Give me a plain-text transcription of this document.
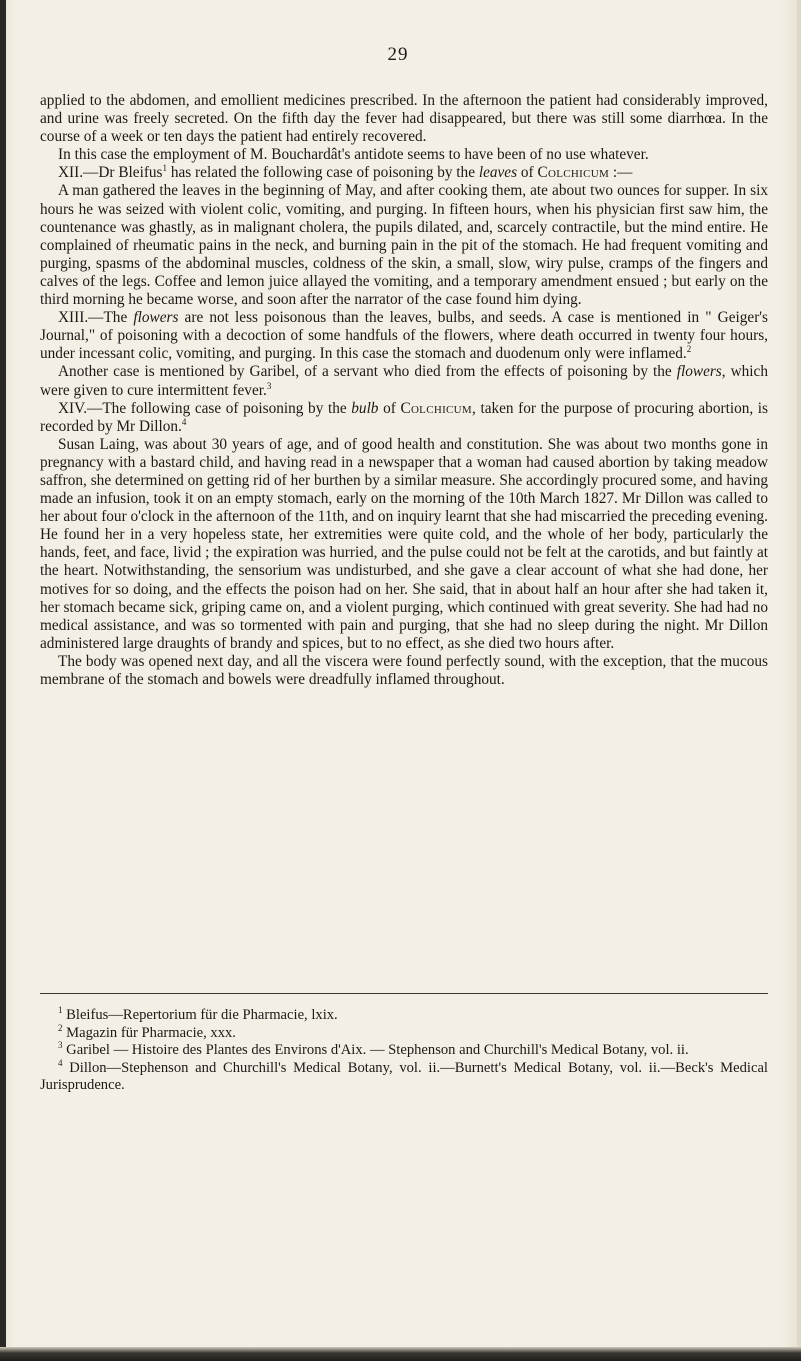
29

applied to the abdomen, and emollient medicines prescribed. In the afternoon the patient had considerably improved, and urine was freely secreted. On the fifth day the fever had disappeared, but there was still some diarrhœa. In the course of a week or ten days the patient had entirely recovered.

In this case the employment of M. Bouchardât's antidote seems to have been of no use whatever.

XII.—Dr Bleifus$^1$ has related the following case of poisoning by the leaves of Colchicum :—

A man gathered the leaves in the beginning of May, and after cooking them, ate about two ounces for supper. In six hours he was seized with violent colic, vomiting, and purging. In fifteen hours, when his physician first saw him, the countenance was ghastly, as in malignant cholera, the pupils dilated, and, scarcely contractile, but the mind entire. He complained of rheumatic pains in the neck, and burning pain in the pit of the stomach. He had frequent vomiting and purging, spasms of the abdominal muscles, coldness of the skin, a small, slow, wiry pulse, cramps of the fingers and calves of the legs. Coffee and lemon juice allayed the vomiting, and a temporary amendment ensued ; but early on the third morning he became worse, and soon after the narrator of the case found him dying.

XIII.—The flowers are not less poisonous than the leaves, bulbs, and seeds. A case is mentioned in " Geiger's Journal," of poisoning with a decoction of some handfuls of the flowers, where death occurred in twenty four hours, under incessant colic, vomiting, and purging. In this case the stomach and duodenum only were inflamed.$^2$

Another case is mentioned by Garibel, of a servant who died from the effects of poisoning by the flowers, which were given to cure intermittent fever.$^3$

XIV.—The following case of poisoning by the bulb of Colchicum, taken for the purpose of procuring abortion, is recorded by Mr Dillon.$^4$

Susan Laing, was about 30 years of age, and of good health and constitution. She was about two months gone in pregnancy with a bastard child, and having read in a newspaper that a woman had caused abortion by taking meadow saffron, she determined on getting rid of her burthen by a similar measure. She accordingly procured some, and having made an infusion, took it on an empty stomach, early on the morning of the 10th March 1827. Mr Dillon was called to her about four o'clock in the afternoon of the 11th, and on inquiry learnt that she had miscarried the preceding evening. He found her in a very hopeless state, her extremities were quite cold, and the whole of her body, particularly the hands, feet, and face, livid ; the expiration was hurried, and the pulse could not be felt at the carotids, and but faintly at the heart. Notwithstanding, the sensorium was undisturbed, and she gave a clear account of what she had done, her motives for so doing, and the effects the poison had on her. She said, that in about half an hour after she had taken it, her stomach became sick, griping came on, and a violent purging, which continued with great severity. She had had no medical assistance, and was so tormented with pain and purging, that she had no sleep during the night. Mr Dillon administered large draughts of brandy and spices, but to no effect, as she died two hours after.

The body was opened next day, and all the viscera were found perfectly sound, with the exception, that the mucous membrane of the stomach and bowels were dreadfully inflamed throughout.

$^1$ Bleifus—Repertorium für die Pharmacie, lxix.

$^2$ Magazin für Pharmacie, xxx.

$^3$ Garibel — Histoire des Plantes des Environs d'Aix. — Stephenson and Churchill's Medical Botany, vol. ii.

$^4$ Dillon—Stephenson and Churchill's Medical Botany, vol. ii.—Burnett's Medical Botany, vol. ii.—Beck's Medical Jurisprudence.
